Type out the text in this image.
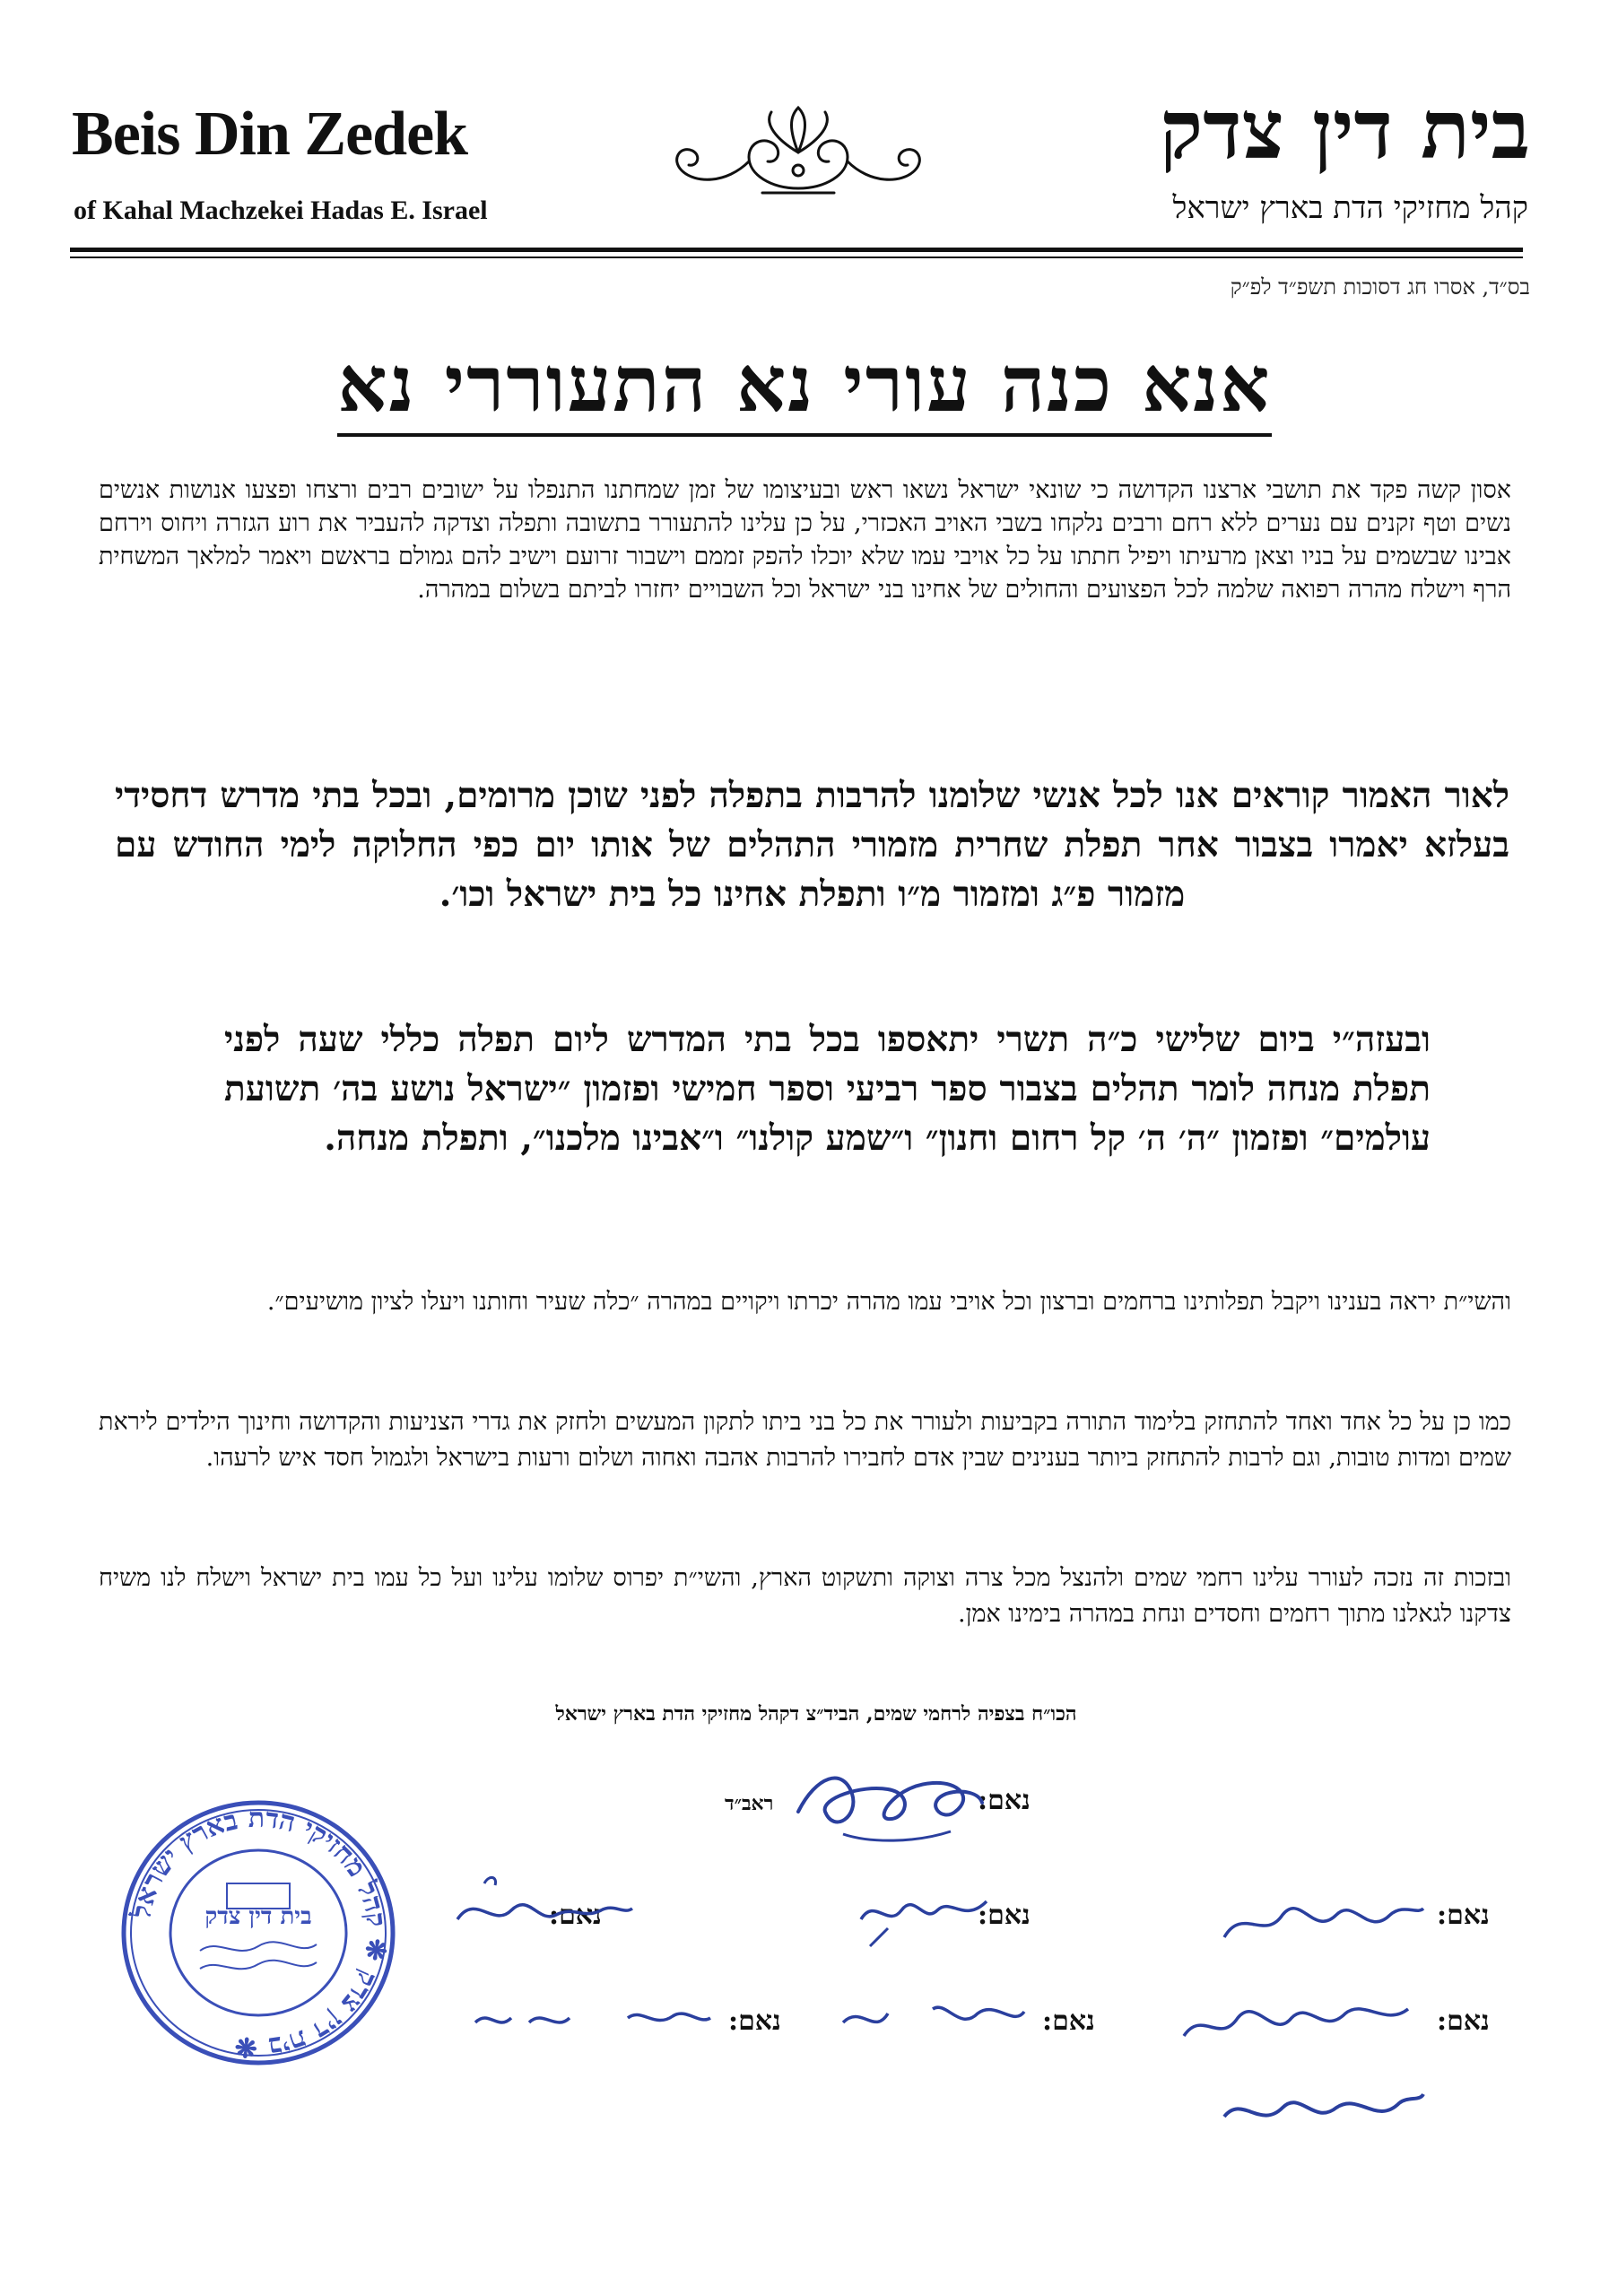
Beis Din Zedek
of Kahal Machzekei Hadas E. Israel
בית דין צדק
קהל מחזיקי הדת בארץ ישראל
בס״ד, אסרו חג דסוכות תשפ״ד לפ״ק
אנא כנה עורי נא התעוררי נא
אסון קשה פקד את תושבי ארצנו הקדושה כי שונאי ישראל נשאו ראש ובעיצומו של זמן שמחתנו התנפלו על ישובים רבים ורצחו ופצעו אנושות אנשים נשים וטף זקנים עם נערים ללא רחם ורבים נלקחו בשבי האויב האכזרי, על כן עלינו להתעורר בתשובה ותפלה וצדקה להעביר את רוע הגזרה ויחוס וירחם אבינו שבשמים על בניו וצאן מרעיתו ויפיל חתתו על כל אויבי עמו שלא יוכלו להפק זממם וישבור זרועם וישיב להם גמולם בראשם ויאמר למלאך המשחית הרף וישלח מהרה רפואה שלמה לכל הפצועים והחולים של אחינו בני ישראל וכל השבויים יחזרו לביתם בשלום במהרה.
לאור האמור קוראים אנו לכל אנשי שלומנו להרבות בתפלה לפני שוכן מרומים, ובכל בתי מדרש דחסידי בעלזא יאמרו בצבור אחר תפלת שחרית מזמורי התהלים של אותו יום כפי החלוקה לימי החודש עם מזמור פ״ג ומזמור מ״ו ותפלת אחינו כל בית ישראל וכו׳.
ובעזה״י ביום שלישי כ״ה תשרי יתאספו בכל בתי המדרש ליום תפלה כללי שעה לפני תפלת מנחה לומר תהלים בצבור ספר רביעי וספר חמישי ופזמון ״ישראל נושע בה׳ תשועת עולמים״ ופזמון ״ה׳ ה׳ קל רחום וחנון״ ו״שמע קולנו״ ו״אבינו מלכנו״, ותפלת מנחה.
והשי״ת יראה בענינו ויקבל תפלותינו ברחמים וברצון וכל אויבי עמו מהרה יכרתו ויקויים במהרה ״כלה שעיר וחותנו ויעלו לציון מושיעים״.
כמו כן על כל אחד ואחד להתחזק בלימוד התורה בקביעות ולעורר את כל בני ביתו לתקון המעשים ולחזק את גדרי הצניעות והקדושה וחינוך הילדים ליראת שמים ומדות טובות, וגם לרבות להתחזק ביותר בענינים שבין אדם לחבירו להרבות אהבה ואחוה ושלום ורעות בישראל ולגמול חסד איש לרעהו.
ובזכות זה נזכה לעורר עלינו רחמי שמים ולהנצל מכל צרה וצוקה ותשקוט הארץ, והשי״ת יפרוס שלומו עלינו ועל כל עמו בית ישראל וישלח לנו משיח צדקנו לגאלנו מתוך רחמים וחסדים ונחת במהרה בימינו אמן.
הכו״ח בצפיה לרחמי שמים, הביד״צ דקהל מחזיקי הדת בארץ ישראל
נאם:
ראב״ד
נאם:	נאם:	נאם:
נאם:	נאם:	נאם:
בית דין צדק ❋ קהל מחזיקי הדת בארץ ישראל ❋
בית דין צדק
